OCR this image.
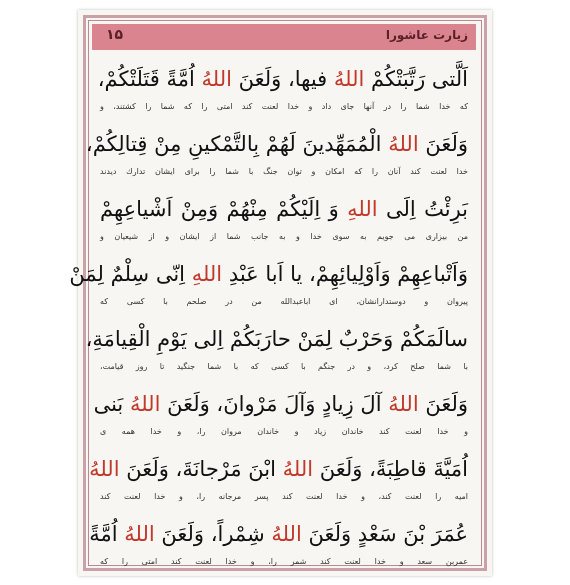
زیارت عاشورا
۱۵
اَلَّتى رَتَّبَتْكُمْ اللهُ فيها، وَلَعَنَ اللهُ اُمَّةً قَتَلَتْكُمْ،
كه خدا شما را در آنها جاى داد و خدا لعنت كند امتى را كه شما را كشتند، و
وَلَعَنَ اللهُ الْمُمَهِّدينَ لَهُمْ بِالتَّمْكينِ مِنْ قِتالِكُمْ،
خدا لعنت كند آنان را كه امكان و توان جنگ با شما را براى ايشان تدارك ديدند
بَرِئْتُ اِلَى اللهِ وَ اِلَيْكُمْ مِنْهُمْ وَمِنْ اَشْياعِهِمْ
من بيزارى مى جويم به سوى خدا و به جانب شما از ايشان و از شيعيان و
وَاَتْباعِهِمْ وَاَوْلِيائِهِمْ، يا اَبا عَبْدِ اللهِ اِنّى سِلْمٌ لِمَنْ
پيروان و دوستدارانشان، اى اباعبدالله من در صلحم با كسى كه
سالَمَكُمْ وَحَرْبٌ لِمَنْ حارَبَكُمْ اِلى يَوْمِ الْقِيامَةِ،
با شما صلح كرد، و در جنگم با كسى كه با شما جنگيد تا روز قيامت،
وَلَعَنَ اللهُ آلَ زِيادٍ وَآلَ مَرْوانَ، وَلَعَنَ اللهُ بَنى
و خدا لعنت كند خاندان زياد و خاندان مروان را، و خدا همه ى
اُمَيَّةَ قاطِبَةً، وَلَعَنَ اللهُ ابْنَ مَرْجانَةَ، وَلَعَنَ اللهُ
اميه را لعنت كند، و خدا لعنت كند پسر مرجانه را، و خدا لعنت كند
عُمَرَ بْنَ سَعْدٍ وَلَعَنَ اللهُ شِمْراً، وَلَعَنَ اللهُ اُمَّةً
عمربن سعد و خدا لعنت كند شمر را، و خدا لعنت كند امتى را كه
